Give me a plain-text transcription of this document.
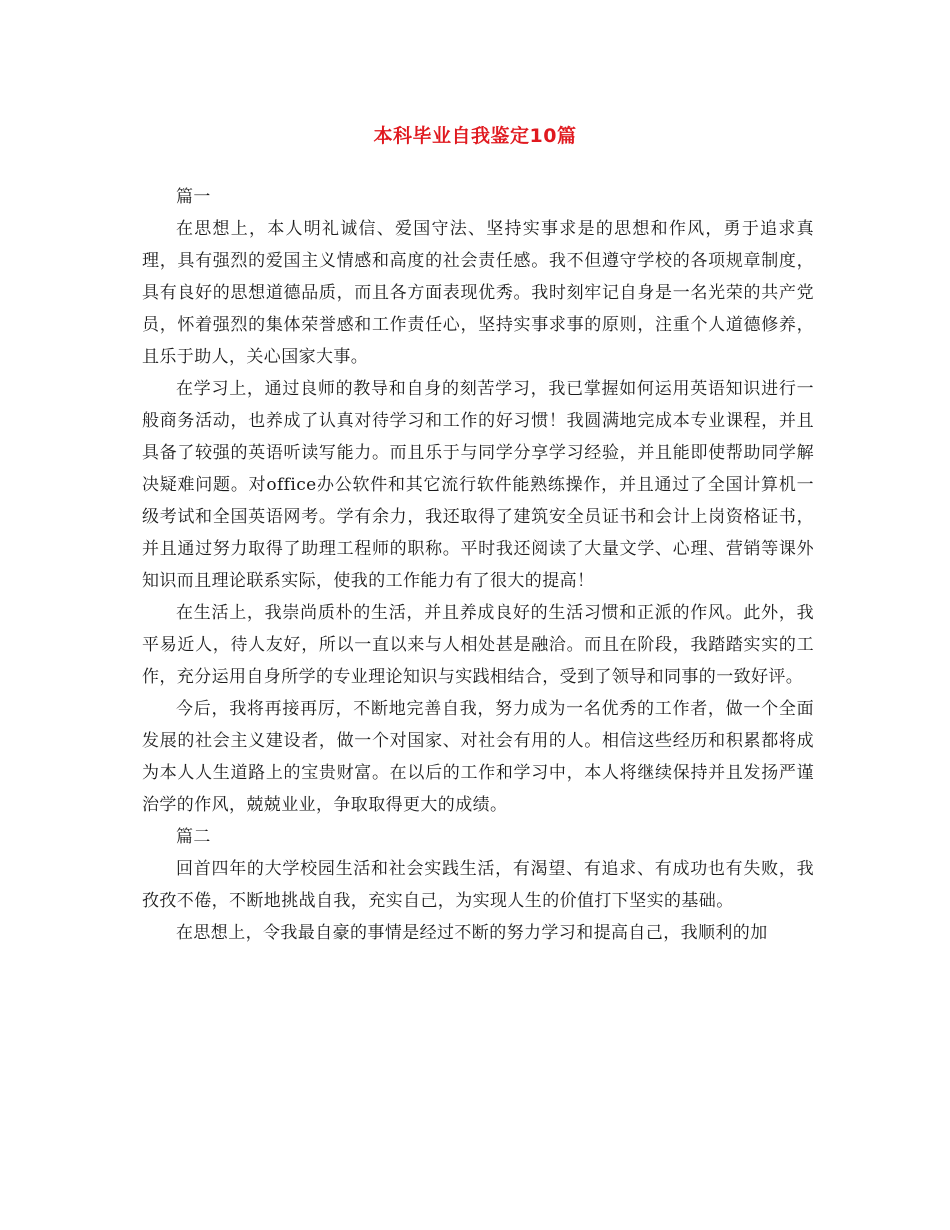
本科毕业自我鉴定10篇

篇一

在思想上，本人明礼诚信、爱国守法、坚持实事求是的思想和作风，勇于追求真理，具有强烈的爱国主义情感和高度的社会责任感。我不但遵守学校的各项规章制度，具有良好的思想道德品质，而且各方面表现优秀。我时刻牢记自身是一名光荣的共产党员，怀着强烈的集体荣誉感和工作责任心，坚持实事求事的原则，注重个人道德修养，且乐于助人，关心国家大事。

在学习上，通过良师的教导和自身的刻苦学习，我已掌握如何运用英语知识进行一般商务活动，也养成了认真对待学习和工作的好习惯！我圆满地完成本专业课程，并且具备了较强的英语听读写能力。而且乐于与同学分享学习经验，并且能即使帮助同学解决疑难问题。对office办公软件和其它流行软件能熟练操作，并且通过了全国计算机一级考试和全国英语网考。学有余力，我还取得了建筑安全员证书和会计上岗资格证书，并且通过努力取得了助理工程师的职称。平时我还阅读了大量文学、心理、营销等课外知识而且理论联系实际，使我的工作能力有了很大的提高！

在生活上，我崇尚质朴的生活，并且养成良好的生活习惯和正派的作风。此外，我平易近人，待人友好，所以一直以来与人相处甚是融洽。而且在阶段，我踏踏实实的工作，充分运用自身所学的专业理论知识与实践相结合，受到了领导和同事的一致好评。

今后，我将再接再厉，不断地完善自我，努力成为一名优秀的工作者，做一个全面发展的社会主义建设者，做一个对国家、对社会有用的人。相信这些经历和积累都将成为本人人生道路上的宝贵财富。在以后的工作和学习中，本人将继续保持并且发扬严谨治学的作风，兢兢业业，争取取得更大的成绩。

篇二

回首四年的大学校园生活和社会实践生活，有渴望、有追求、有成功也有失败，我孜孜不倦，不断地挑战自我，充实自己，为实现人生的价值打下坚实的基础。

在思想上，令我最自豪的事情是经过不断的努力学习和提高自己，我顺利的加
